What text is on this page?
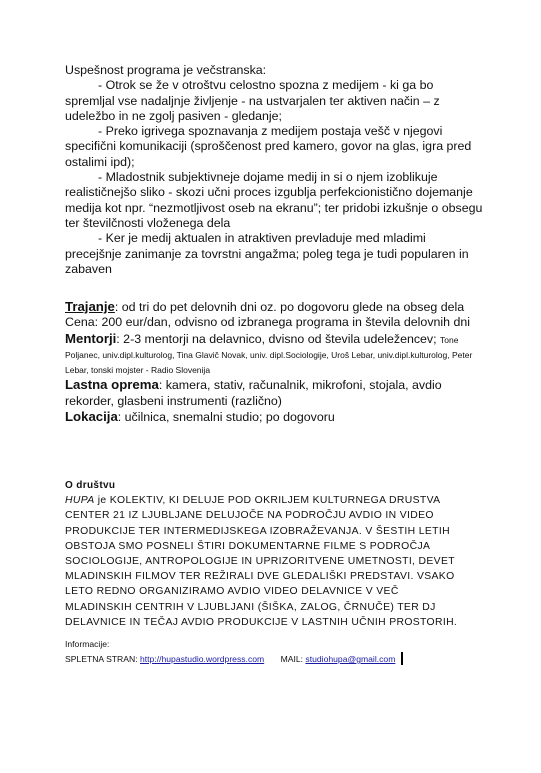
Uspešnost programa je večstranska:

- Otrok se že v otroštvu celostno spozna z medijem - ki ga bo spremljal vse nadaljnje življenje - na ustvarjalen ter aktiven način – z udeležbo in ne zgolj pasiven - gledanje;

- Preko igrivega spoznavanja z medijem postaja vešč v njegovi specifični komunikaciji (sproščenost pred kamero, govor na glas, igra pred ostalimi ipd);

- Mladostnik subjektivneje dojame medij in si o njem izoblikuje realističnejšo sliko - skozi učni proces izgublja perfekcionistično dojemanje medija kot npr. “nezmotljivost oseb na ekranu”; ter pridobi izkušnje o obsegu ter številčnosti vloženega dela

- Ker je medij aktualen in atraktiven prevladuje med mladimi precejšnje zanimanje za tovrstni angažma; poleg tega je tudi popularen in zabaven

Trajanje: od tri do pet delovnih dni oz. po dogovoru glede na obseg dela

Cena: 200 eur/dan, odvisno od izbranega programa in števila delovnih dni

Mentorji: 2-3 mentorji na delavnico, dvisno od števila udeležencev; Tone Poljanec, univ.dipl.kulturolog, Tina Glavič Novak, univ. dipl.Sociologije, Uroš Lebar, univ.dipl.kulturolog, Peter Lebar, tonski mojster - Radio Slovenija

Lastna oprema: kamera, stativ, računalnik, mikrofoni, stojala, avdio rekorder, glasbeni instrumenti (različno)

Lokacija: učilnica, snemalni studio; po dogovoru

O društvu

HUPA je KOLEKTIV, KI DELUJE POD OKRILJEM KULTURNEGA DRUSTVA CENTER 21 IZ LJUBLJANE DELUJOČE NA PODROČJU AVDIO IN VIDEO PRODUKCIJE TER INTERMEDIJSKEGA IZOBRAŽEVANJA. V ŠESTIH LETIH OBSTOJA SMO POSNELI ŠTIRI DOKUMENTARNE FILME S PODROČJA SOCIOLOGIJE, ANTROPOLOGIJE IN UPRIZORITVENE UMETNOSTI, DEVET MLADINSKIH FILMOV TER REŽIRALI DVE GLEDALIŠKI PREDSTAVI. VSAKO LETO REDNO ORGANIZIRAMO AVDIO VIDEO DELAVNICE V VEČ MLADINSKIH CENTRIH V LJUBLJANI (ŠIŠKA, ZALOG, ČRNUČE) TER DJ DELAVNICE IN TEČAJ AVDIO PRODUKCIJE V LASTNIH UČNIH PROSTORIH.

Informacije:

SPLETNA STRAN: http://hupastudio.wordpress.com MAIL: studiohupa@gmail.com
